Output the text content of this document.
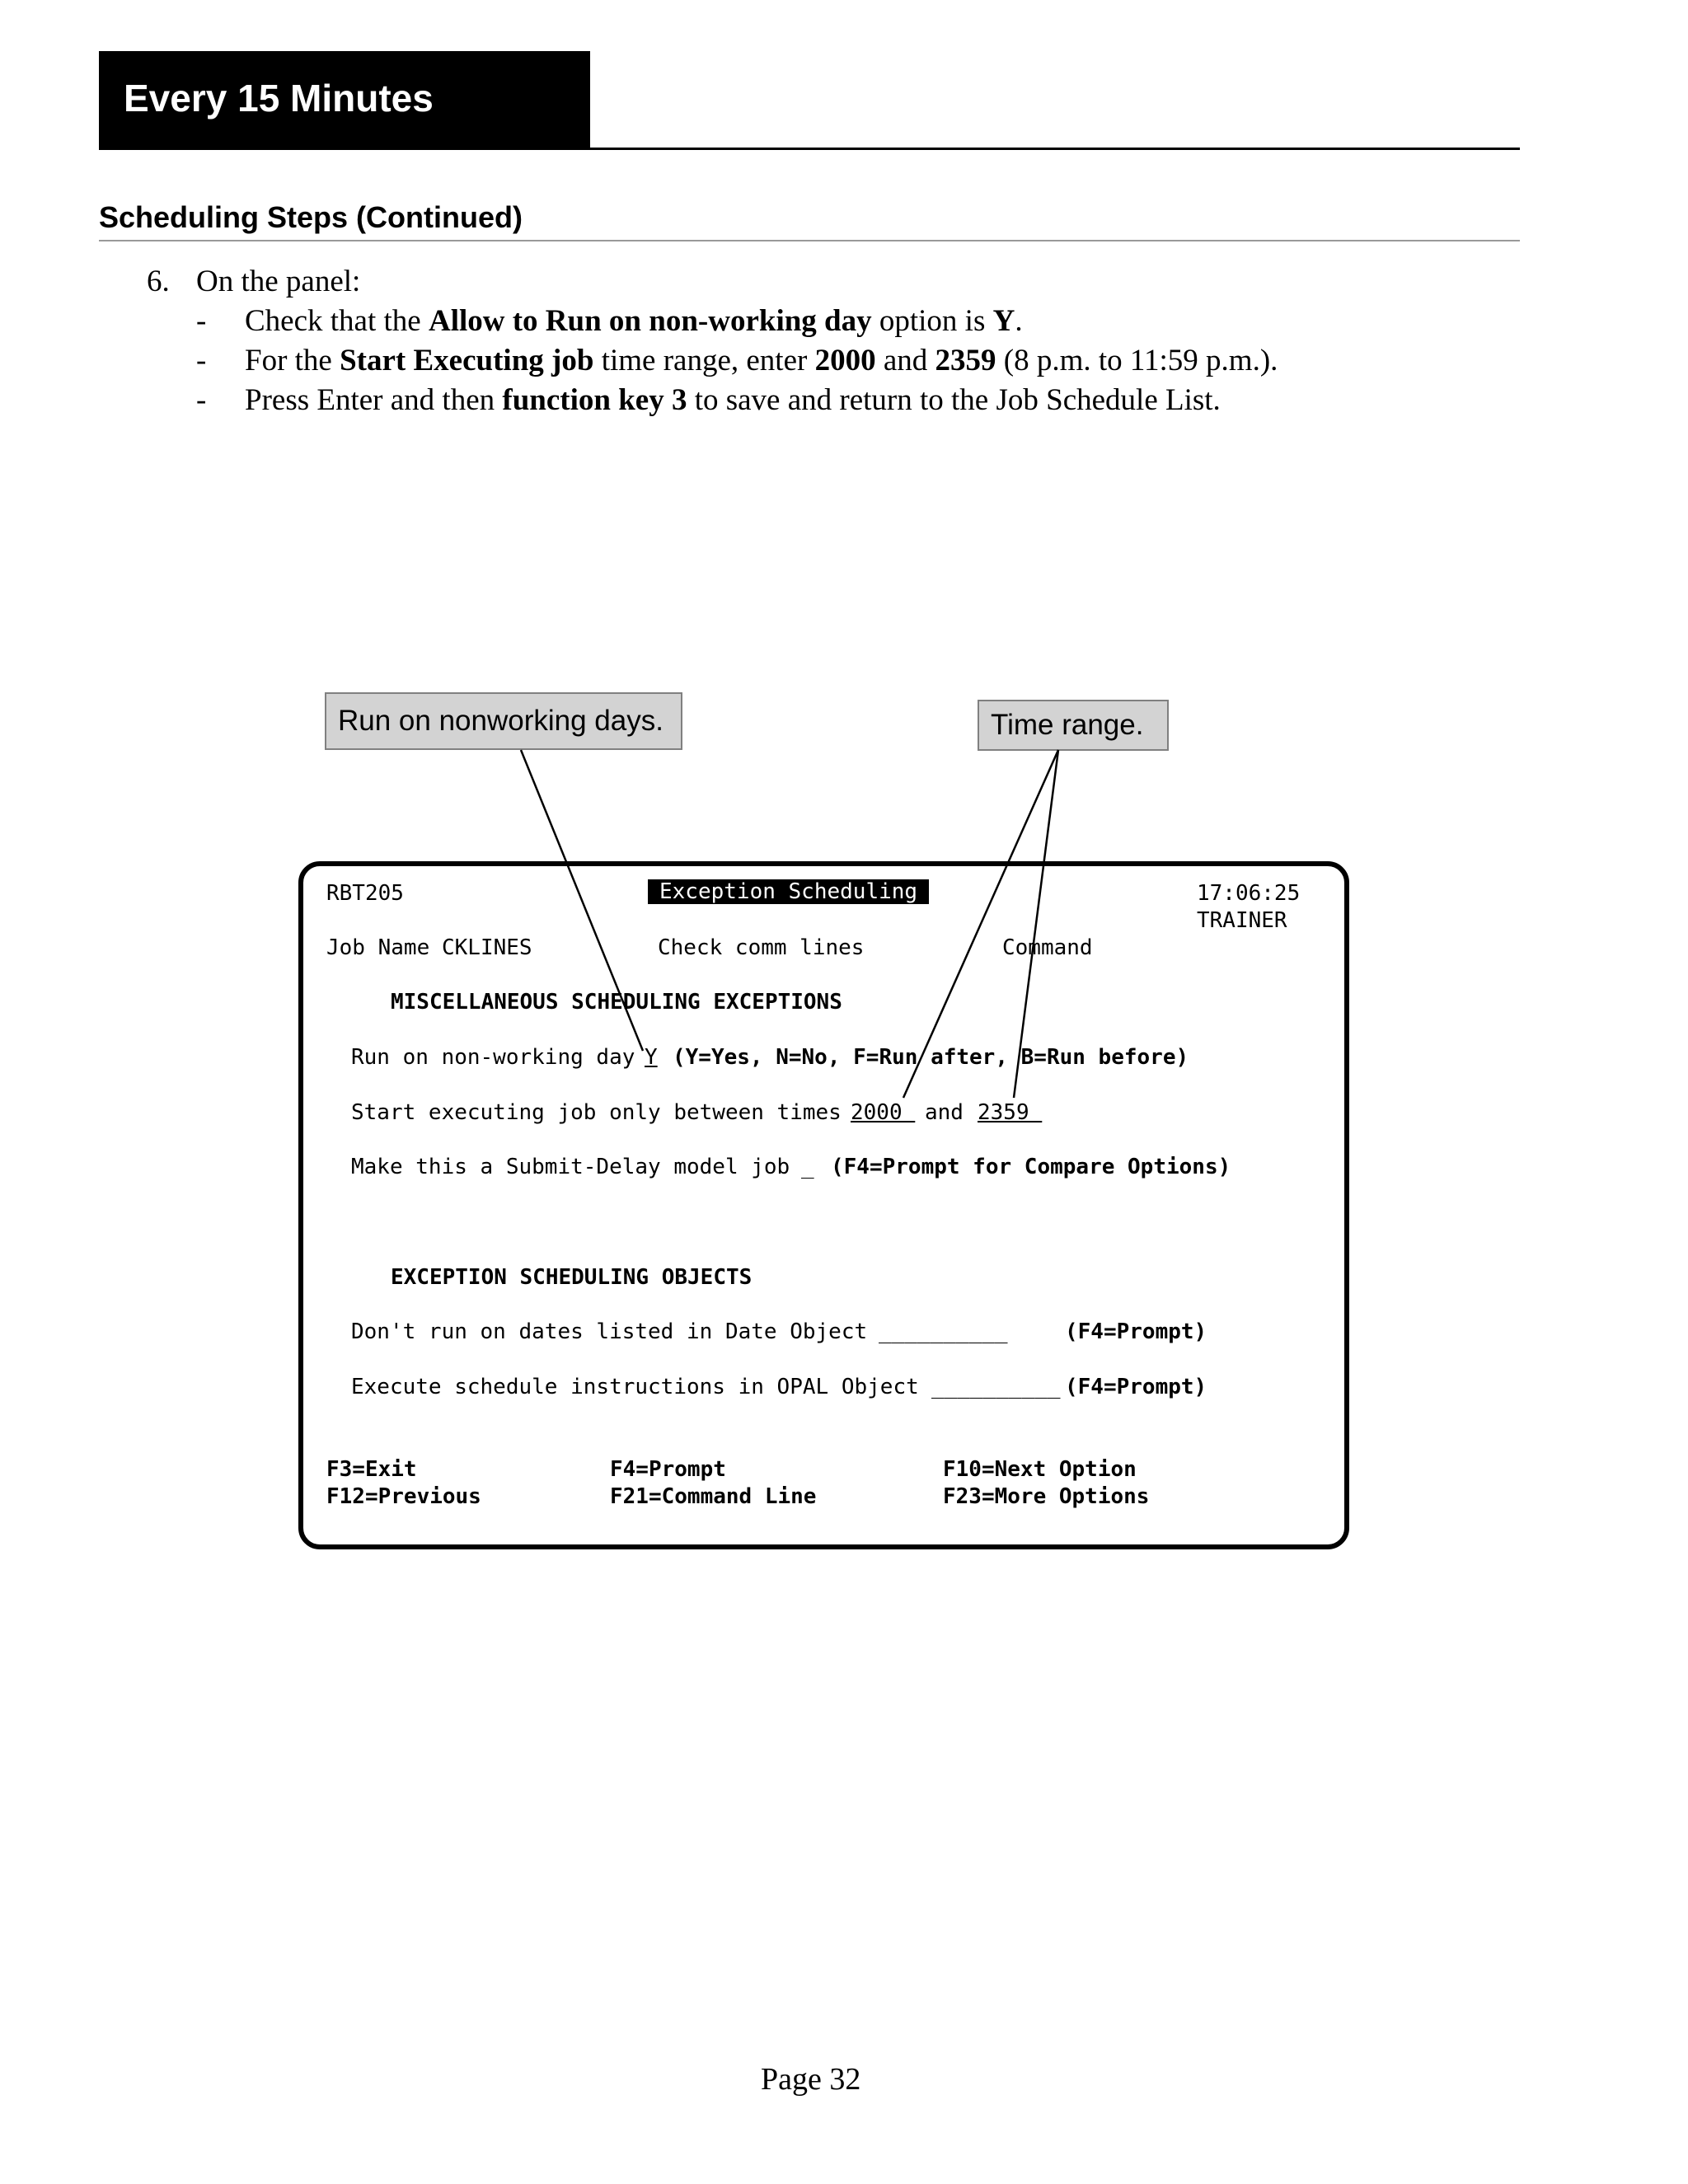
Every 15 Minutes
Scheduling Steps (Continued)
6. On the panel:
- Check that the Allow to Run on non-working day option is Y.
- For the Start Executing job time range, enter 2000 and 2359 (8 p.m. to 11:59 p.m.).
- Press Enter and then function key 3 to save and return to the Job Schedule List.
Run on nonworking days.	Time range.
RBT205	Exception Scheduling	17:06:25
TRAINER
Job Name CKLINES	Check comm lines	Command
MISCELLANEOUS SCHEDULING EXCEPTIONS
Run on non-working day Y (Y=Yes, N=No, F=Run after, B=Run before)
Start executing job only between times 2000 and 2359
Make this a Submit-Delay model job _ (F4=Prompt for Compare Options)
EXCEPTION SCHEDULING OBJECTS
Don't run on dates listed in Date Object __________	(F4=Prompt)
Execute schedule instructions in OPAL Object __________ (F4=Prompt)
F3=Exit	F4=Prompt	F10=Next Option
F12=Previous	F21=Command Line	F23=More Options
Page 32
